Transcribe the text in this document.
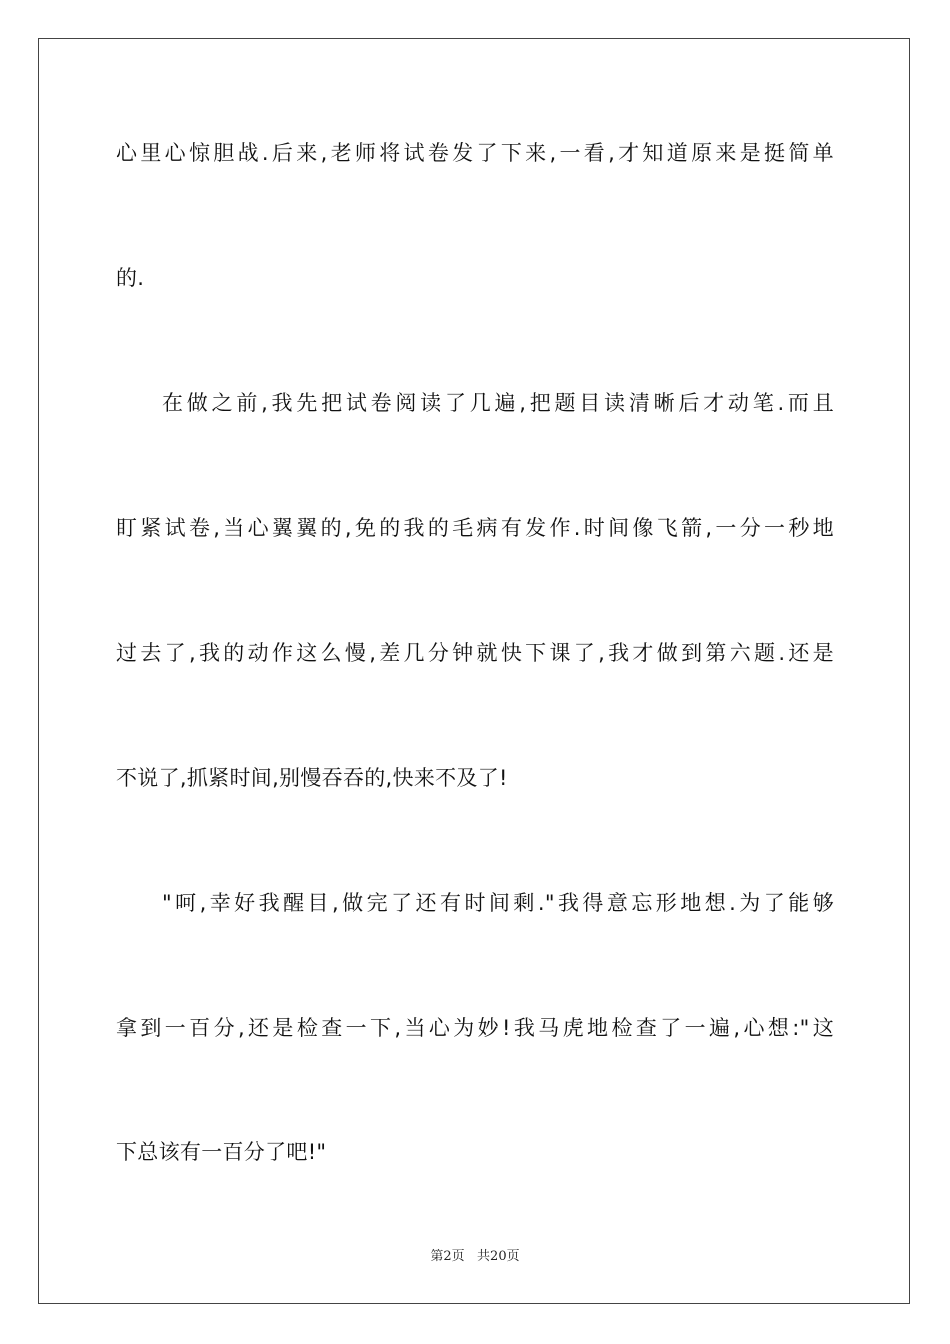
心里心惊胆战.后来,老师将试卷发了下来,一看,才知道原来是挺简单
的.
在做之前,我先把试卷阅读了几遍,把题目读清晰后才动笔.而且
盯紧试卷,当心翼翼的,免的我的毛病有发作.时间像飞箭,一分一秒地
过去了,我的动作这么慢,差几分钟就快下课了,我才做到第六题.还是
不说了,抓紧时间,别慢吞吞的,快来不及了!
"呵,幸好我醒目,做完了还有时间剩."我得意忘形地想.为了能够
拿到一百分,还是检查一下,当心为妙!我马虎地检查了一遍,心想:"这
下总该有一百分了吧!"
第2页   共20页
